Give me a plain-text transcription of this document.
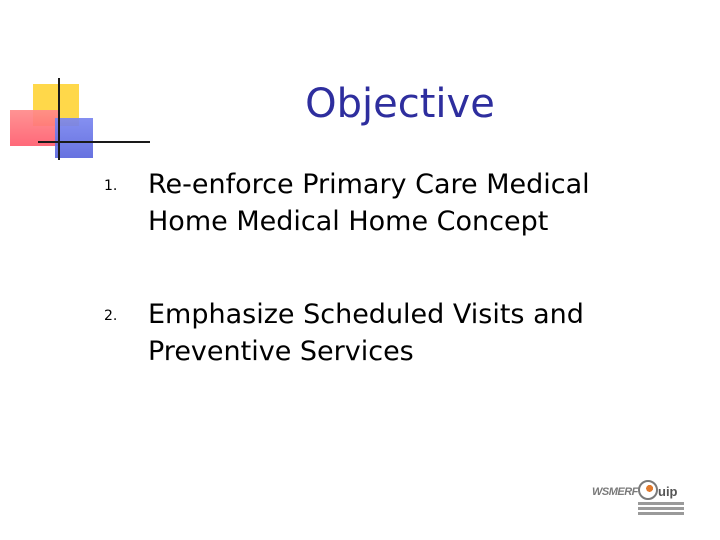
Objective
1. Re-enforce Primary Care Medical Home Medical Home Concept
2. Emphasize Scheduled Visits and Preventive Services
WSMERF uip
